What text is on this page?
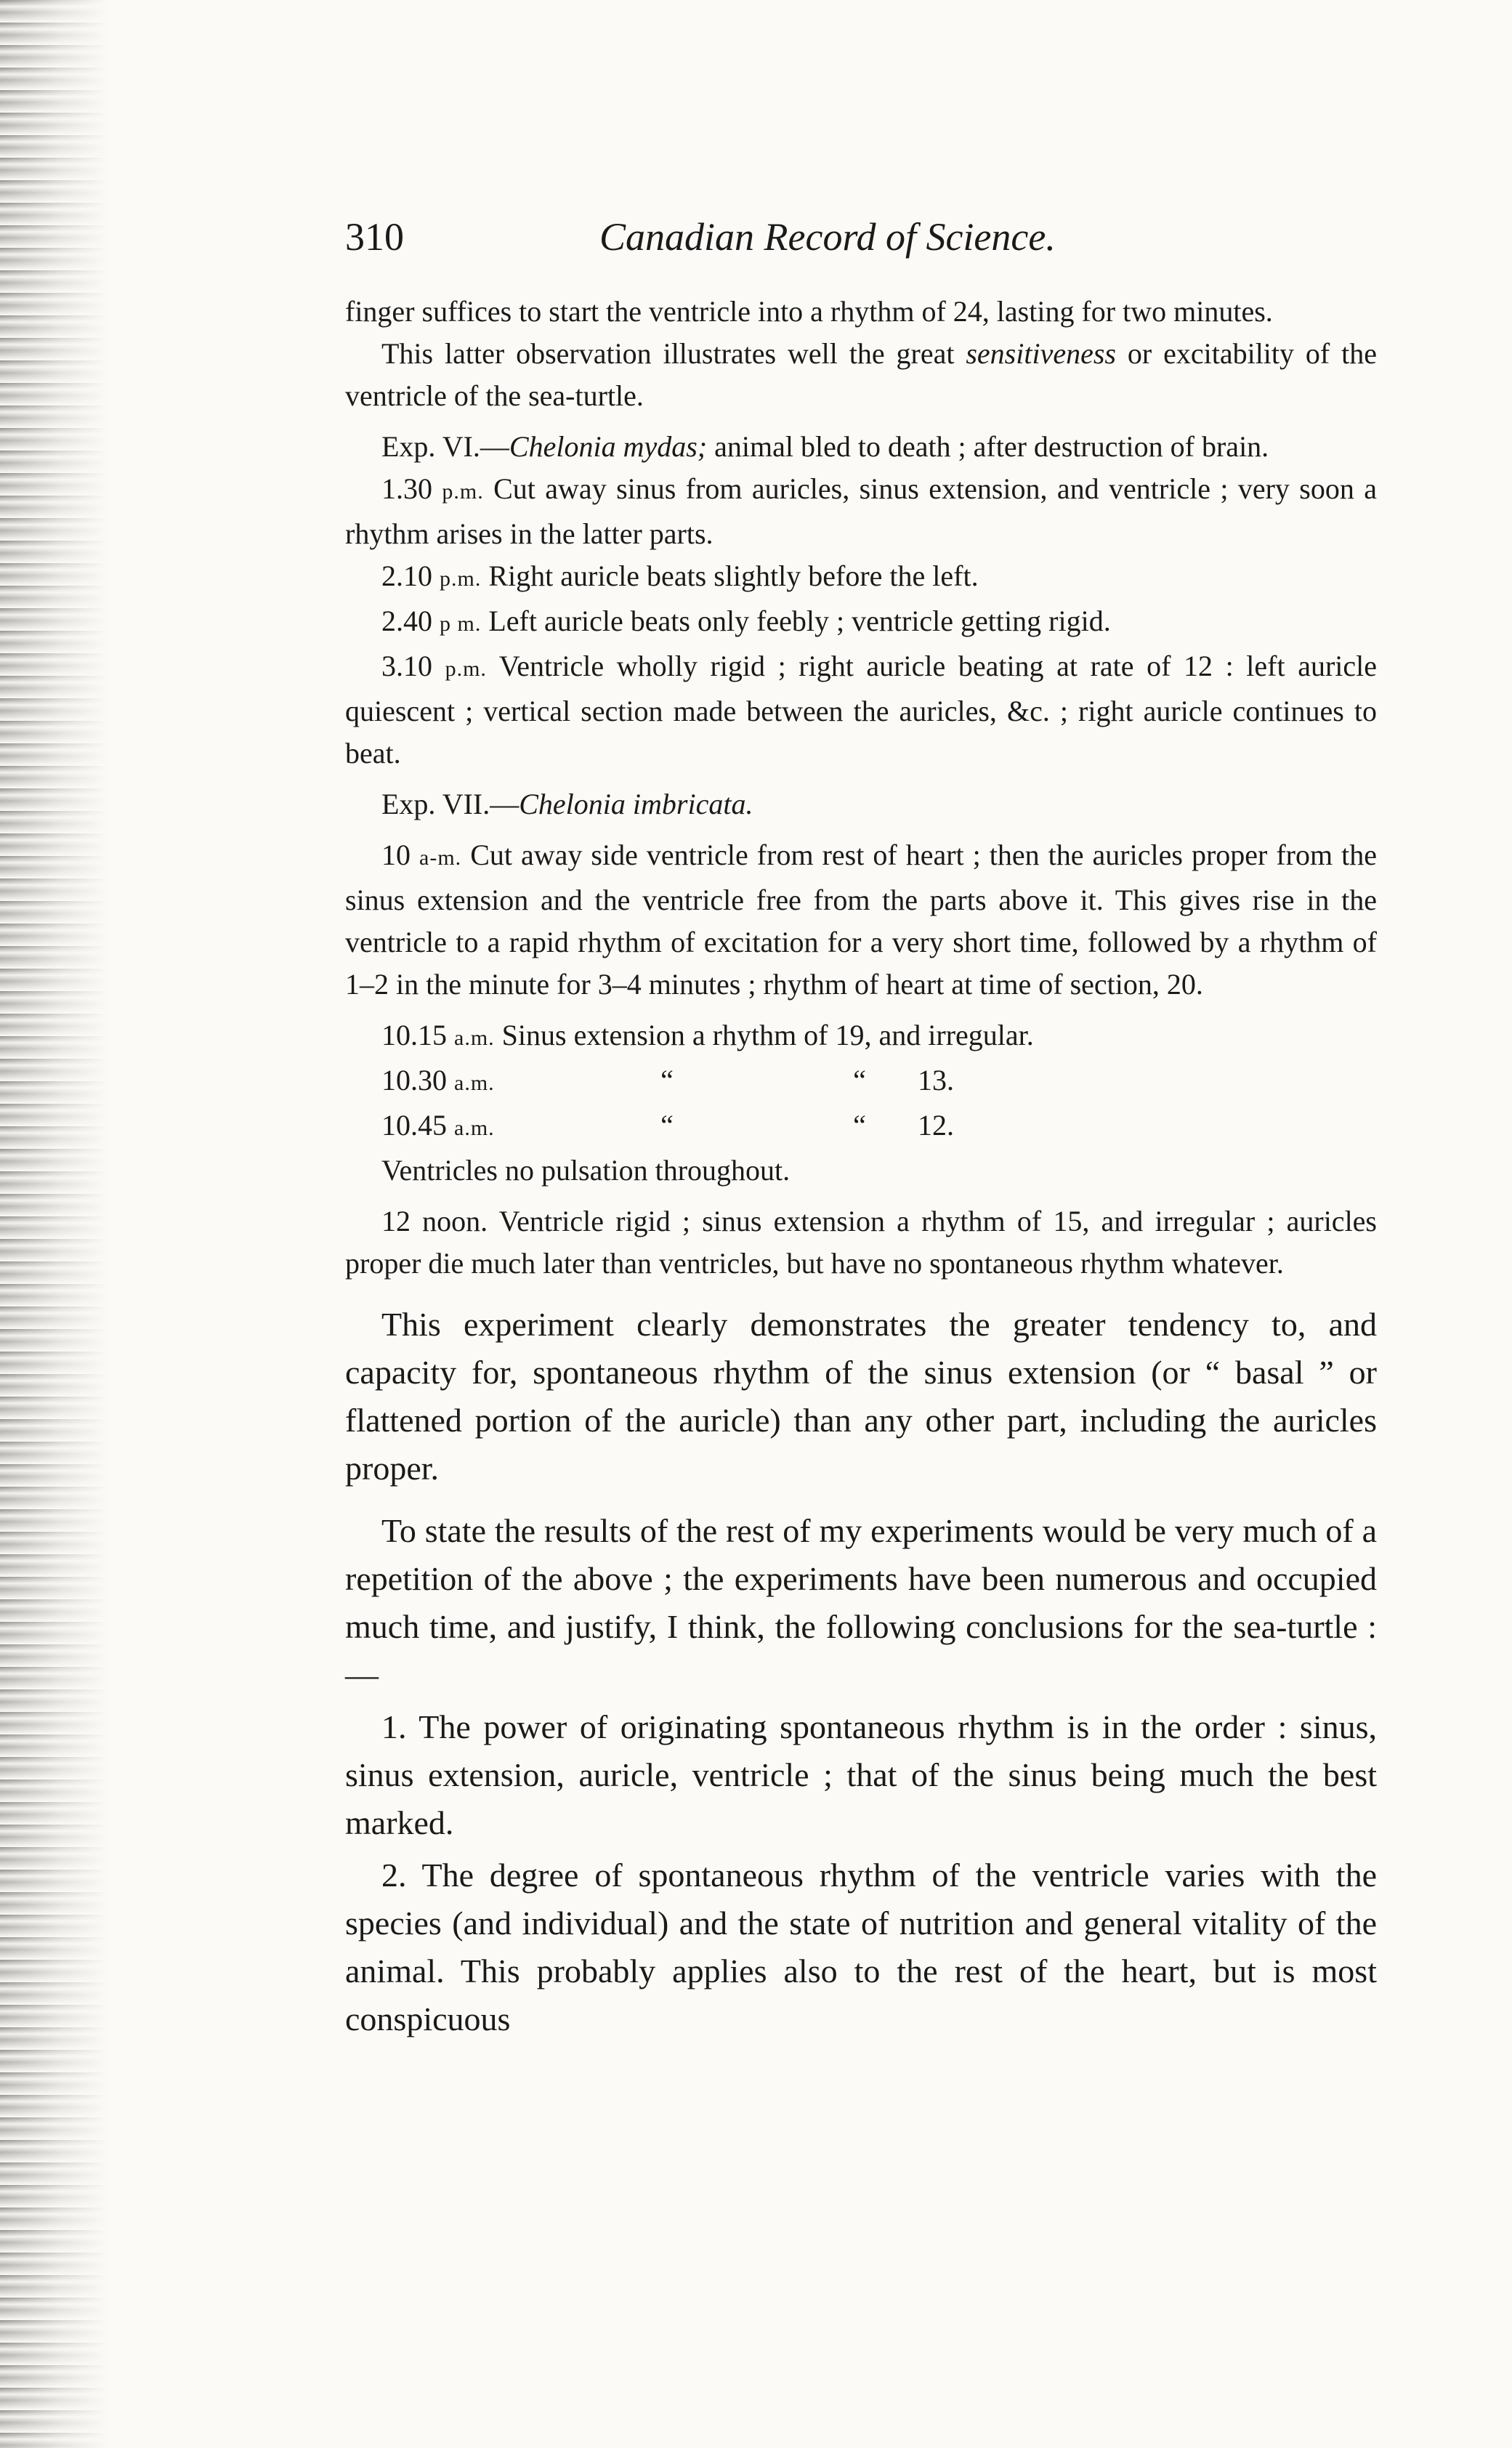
310	Canadian Record of Science.

finger suffices to start the ventricle into a rhythm of 24, lasting for two minutes.

This latter observation illustrates well the great sensitiveness or excitability of the ventricle of the sea-turtle.

Exp. VI.—Chelonia mydas; animal bled to death ; after destruction of brain.

1.30 p.m. Cut away sinus from auricles, sinus extension, and ventricle ; very soon a rhythm arises in the latter parts.

2.10 p.m. Right auricle beats slightly before the left.

2.40 p m. Left auricle beats only feebly ; ventricle getting rigid.

3.10 p.m. Ventricle wholly rigid ; right auricle beating at rate of 12 : left auricle quiescent ; vertical section made between the auricles, &c. ; right auricle continues to beat.

Exp. VII.—Chelonia imbricata.

10 a-m. Cut away side ventricle from rest of heart ; then the auricles proper from the sinus extension and the ventricle free from the parts above it. This gives rise in the ventricle to a rapid rhythm of excitation for a very short time, followed by a rhythm of 1–2 in the minute for 3–4 minutes ; rhythm of heart at time of section, 20.

10.15 a.m. Sinus extension a rhythm of 19, and irregular.

10.30 a.m.	“	“	13.
10.45 a.m.	“	“	12.

Ventricles no pulsation throughout.

12 noon. Ventricle rigid ; sinus extension a rhythm of 15, and irregular ; auricles proper die much later than ventricles, but have no spontaneous rhythm whatever.

This experiment clearly demonstrates the greater tendency to, and capacity for, spontaneous rhythm of the sinus extension (or “ basal ” or flattened portion of the auricle) than any other part, including the auricles proper.

To state the results of the rest of my experiments would be very much of a repetition of the above ; the experiments have been numerous and occupied much time, and justify, I think, the following conclusions for the sea-turtle :—

1. The power of originating spontaneous rhythm is in the order : sinus, sinus extension, auricle, ventricle ; that of the sinus being much the best marked.

2. The degree of spontaneous rhythm of the ventricle varies with the species (and individual) and the state of nutrition and general vitality of the animal. This probably applies also to the rest of the heart, but is most conspicuous
